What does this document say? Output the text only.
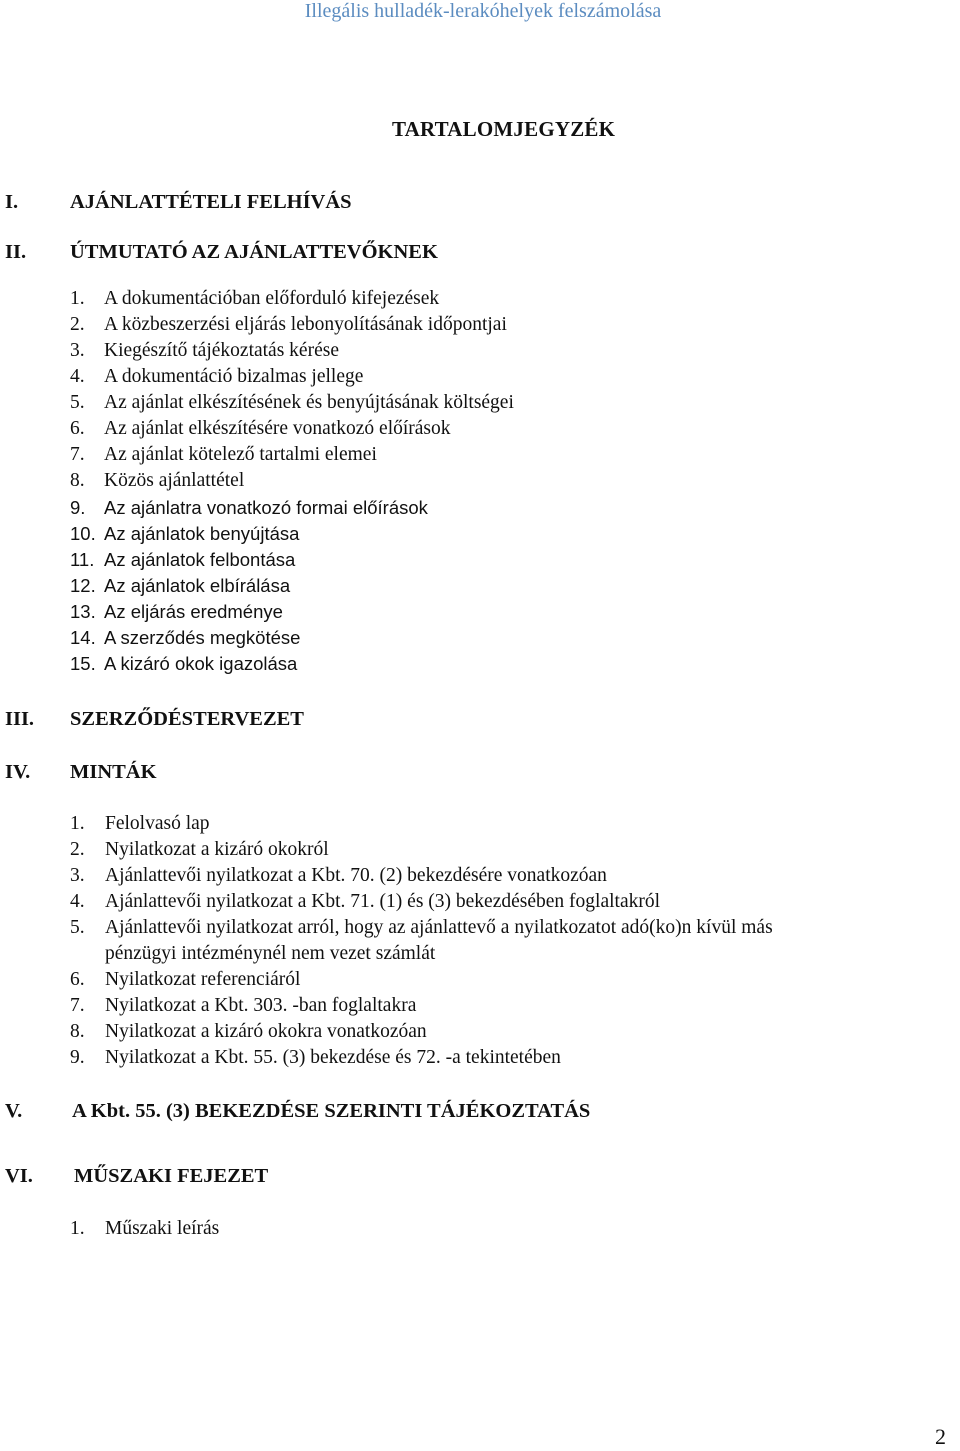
Illegális hulladék-lerakóhelyek felszámolása
TARTALOMJEGYZÉK
I.	AJÁNLATTÉTELI FELHÍVÁS
II. ÚTMUTATÓ AZ AJÁNLATTEVŐKNEK
1. A dokumentációban előforduló kifejezések
2. A közbeszerzési eljárás lebonyolításának időpontjai
3. Kiegészítő tájékoztatás kérése
4. A dokumentáció bizalmas jellege
5. Az ajánlat elkészítésének és benyújtásának költségei
6. Az ajánlat elkészítésére vonatkozó előírások
7. Az ajánlat kötelező tartalmi elemei
8. Közös ajánlattétel
9. Az ajánlatra vonatkozó formai előírások
10. Az ajánlatok benyújtása
11. Az ajánlatok felbontása
12. Az ajánlatok elbírálása
13. Az eljárás eredménye
14. A szerződés megkötése
15. A kizáró okok igazolása
III. SZERZŐDÉSTERVEZET
IV. MINTÁK
1. Felolvasó lap
2. Nyilatkozat a kizáró okokról
3. Ajánlattevői nyilatkozat a Kbt. 70. (2) bekezdésére vonatkozóan
4. Ajánlattevői nyilatkozat a Kbt. 71. (1) és (3) bekezdésében foglaltakról
5. Ajánlattevői nyilatkozat arról, hogy az ajánlattevő a nyilatkozatot adó(ko)n kívül más
pénzügyi intézménynél nem vezet számlát
6. Nyilatkozat referenciáról
7. Nyilatkozat a Kbt. 303. -ban foglaltakra
8. Nyilatkozat a kizáró okokra vonatkozóan
9. Nyilatkozat a Kbt. 55. (3) bekezdése és 72. -a tekintetében
V. A Kbt. 55. (3) BEKEZDÉSE SZERINTI TÁJÉKOZTATÁS
VI. MŰSZAKI FEJEZET
1. Műszaki leírás
2
